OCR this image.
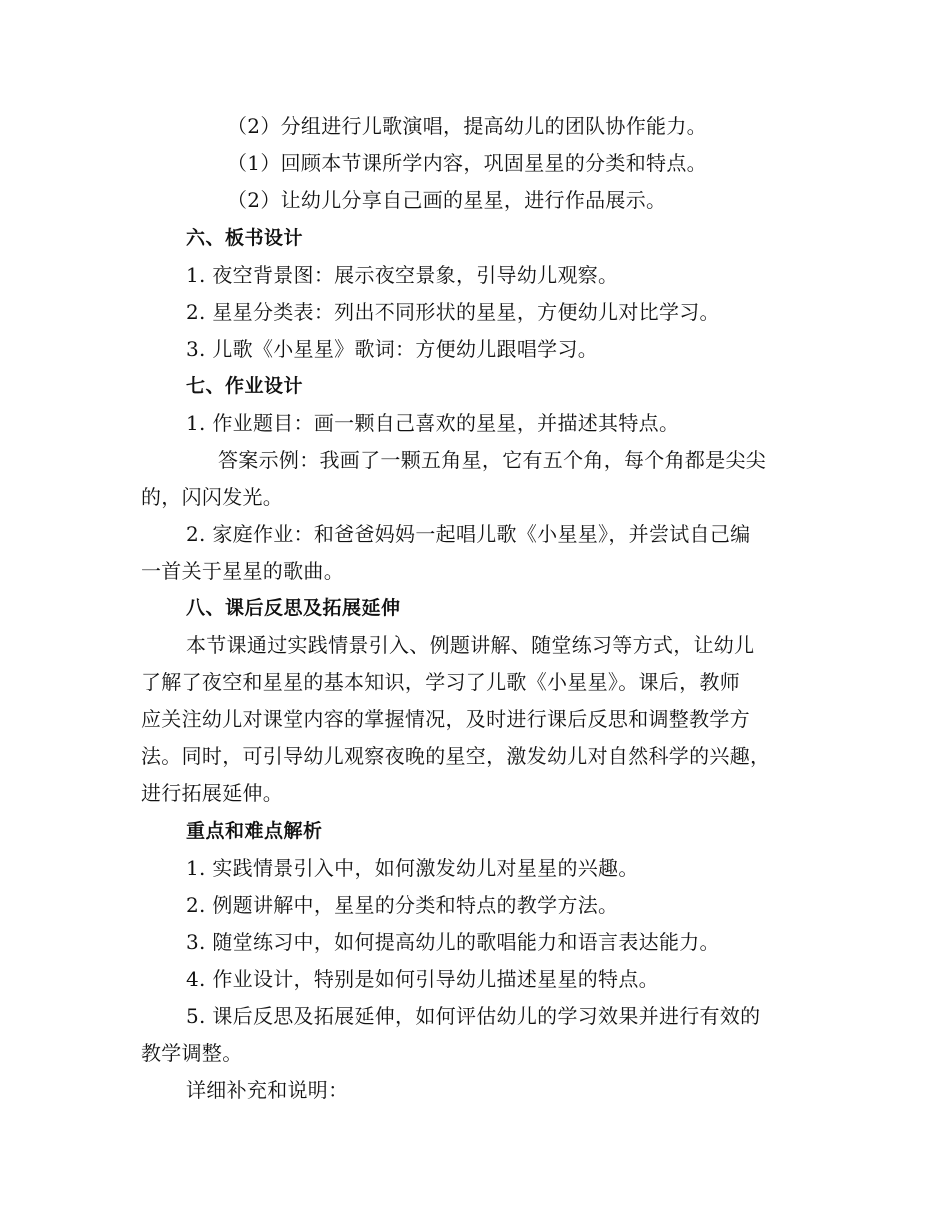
（2）分组进行儿歌演唱，提高幼儿的团队协作能力。
（1）回顾本节课所学内容，巩固星星的分类和特点。
（2）让幼儿分享自己画的星星，进行作品展示。
六、板书设计
1. 夜空背景图：展示夜空景象，引导幼儿观察。
2. 星星分类表：列出不同形状的星星，方便幼儿对比学习。
3. 儿歌《小星星》歌词：方便幼儿跟唱学习。
七、作业设计
1. 作业题目：画一颗自己喜欢的星星，并描述其特点。
答案示例：我画了一颗五角星，它有五个角，每个角都是尖尖
的，闪闪发光。
2. 家庭作业：和爸爸妈妈一起唱儿歌《小星星》，并尝试自己编
一首关于星星的歌曲。
八、课后反思及拓展延伸
本节课通过实践情景引入、例题讲解、随堂练习等方式，让幼儿
了解了夜空和星星的基本知识，学习了儿歌《小星星》。课后，教师
应关注幼儿对课堂内容的掌握情况，及时进行课后反思和调整教学方
法。同时，可引导幼儿观察夜晚的星空，激发幼儿对自然科学的兴趣，
进行拓展延伸。
重点和难点解析
1. 实践情景引入中，如何激发幼儿对星星的兴趣。
2. 例题讲解中，星星的分类和特点的教学方法。
3. 随堂练习中，如何提高幼儿的歌唱能力和语言表达能力。
4. 作业设计，特别是如何引导幼儿描述星星的特点。
5. 课后反思及拓展延伸，如何评估幼儿的学习效果并进行有效的
教学调整。
详细补充和说明：
